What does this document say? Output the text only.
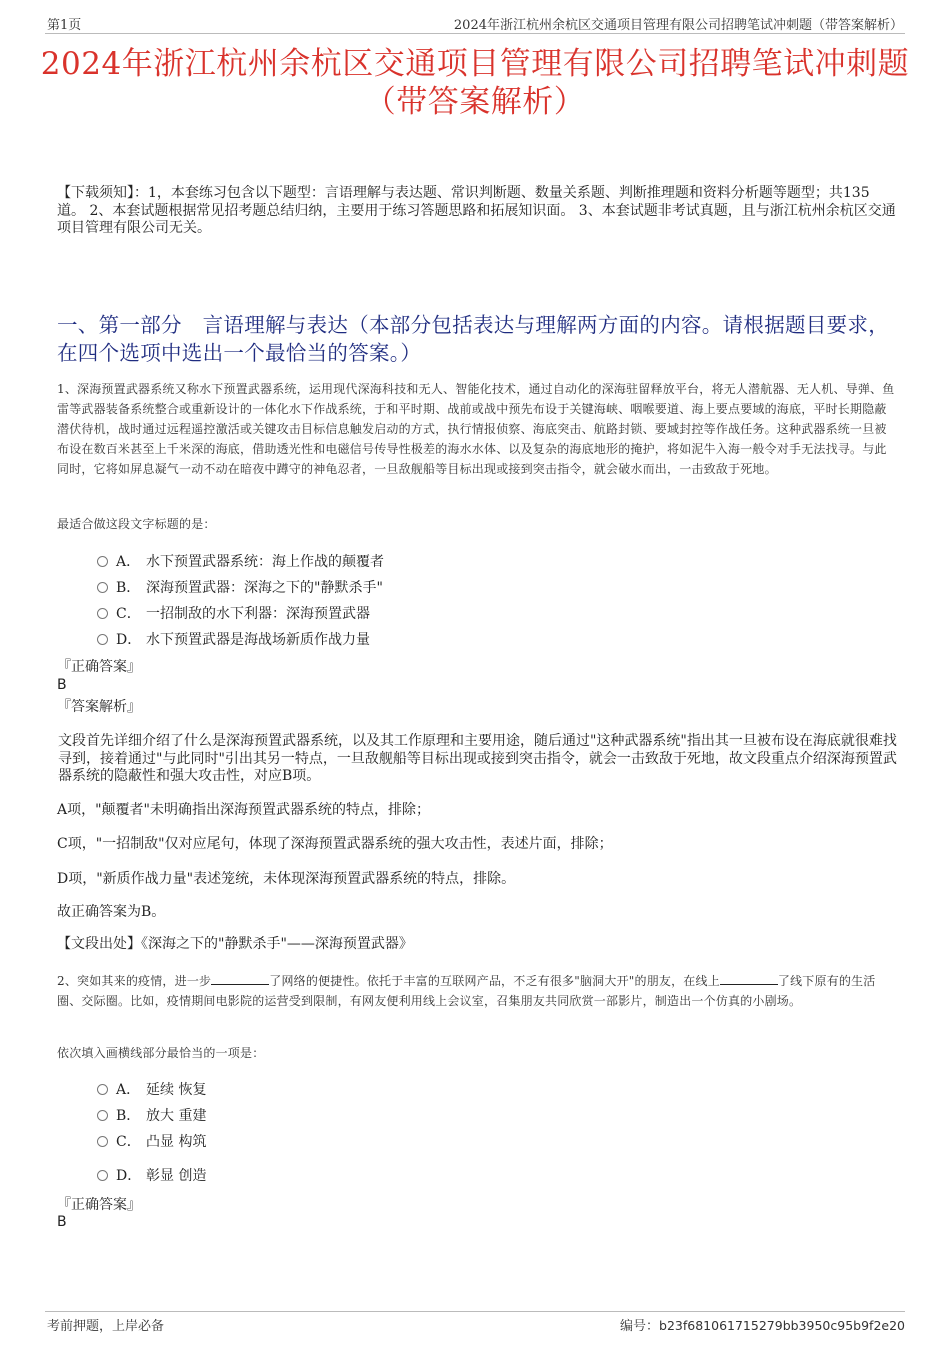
第1页	2024年浙江杭州余杭区交通项目管理有限公司招聘笔试冲刺题（带答案解析）
2024年浙江杭州余杭区交通项目管理有限公司招聘笔试冲刺题
（带答案解析）
【下载须知】：1，本套练习包含以下题型：言语理解与表达题、常识判断题、数量关系题、判断推理题和资料分析题等题型；共135道。 2、本套试题根据常见招考题总结归纳，主要用于练习答题思路和拓展知识面。 3、本套试题非考试真题，且与浙江杭州余杭区交通项目管理有限公司无关。
一、第一部分　言语理解与表达（本部分包括表达与理解两方面的内容。请根据题目要求，在四个选项中选出一个最恰当的答案。）
1、深海预置武器系统又称水下预置武器系统，运用现代深海科技和无人、智能化技术，通过自动化的深海驻留释放平台，将无人潜航器、无人机、导弹、鱼雷等武器装备系统整合或重新设计的一体化水下作战系统，于和平时期、战前或战中预先布设于关键海峡、咽喉要道、海上要点要域的海底，平时长期隐蔽潜伏待机，战时通过远程遥控激活或关键攻击目标信息触发启动的方式，执行情报侦察、海底突击、航路封锁、要域封控等作战任务。这种武器系统一旦被布设在数百米甚至上千米深的海底，借助透光性和电磁信号传导性极差的海水水体、以及复杂的海底地形的掩护，将如泥牛入海一般令对手无法找寻。与此同时，它将如屏息凝气一动不动在暗夜中蹲守的神龟忍者，一旦敌舰船等目标出现或接到突击指令，就会破水而出，一击致敌于死地。
最适合做这段文字标题的是：
A． 水下预置武器系统：海上作战的颠覆者
B． 深海预置武器：深海之下的"静默杀手"
C． 一招制敌的水下利器：深海预置武器
D． 水下预置武器是海战场新质作战力量
『正确答案』
B
『答案解析』
文段首先详细介绍了什么是深海预置武器系统，以及其工作原理和主要用途，随后通过"这种武器系统"指出其一旦被布设在海底就很难找寻到，接着通过"与此同时"引出其另一特点，一旦敌舰船等目标出现或接到突击指令，就会一击致敌于死地，故文段重点介绍深海预置武器系统的隐蔽性和强大攻击性，对应B项。
A项，"颠覆者"未明确指出深海预置武器系统的特点，排除；
C项，"一招制敌"仅对应尾句，体现了深海预置武器系统的强大攻击性，表述片面，排除；
D项，"新质作战力量"表述笼统，未体现深海预置武器系统的特点，排除。
故正确答案为B。
【文段出处】《深海之下的"静默杀手"——深海预置武器》
2、突如其来的疫情，进一步	了网络的便捷性。依托于丰富的互联网产品，不乏有很多"脑洞大开"的朋友，在线上	了线下原有的生活圈、交际圈。比如，疫情期间电影院的运营受到限制，有网友便利用线上会议室，召集朋友共同欣赏一部影片，制造出一个仿真的小剧场。
依次填入画横线部分最恰当的一项是：
A． 延续 恢复
B． 放大 重建
C． 凸显 构筑
D． 彰显 创造
『正确答案』
B
考前押题，上岸必备	编号：b23f681061715279bb3950c95b9f2e20
